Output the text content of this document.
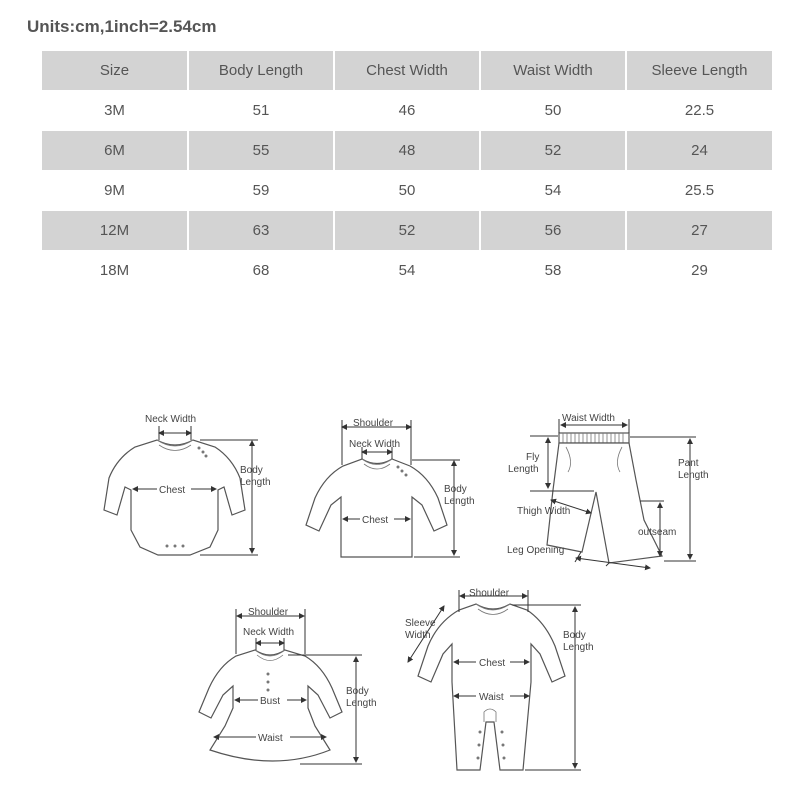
Units:cm,1inch=2.54cm
Size	Body Length	Chest Width	Waist Width	Sleeve Length
3M	51	46	50	22.5
6M	55	48	52	24
9M	59	50	54	25.5
12M	63	52	56	27
18M	68	54	58	29
Neck Width
Chest
Body
Length
Shoulder
Neck Width
Chest
Body
Length
Waist Width
Fly
Length
Pant
Length
Thigh Width
outseam
Leg Opening
Shoulder
Neck Width
Bust
Waist
Body
Length
Shoulder
Sleeve
Width
Chest
Waist
Body
Length
